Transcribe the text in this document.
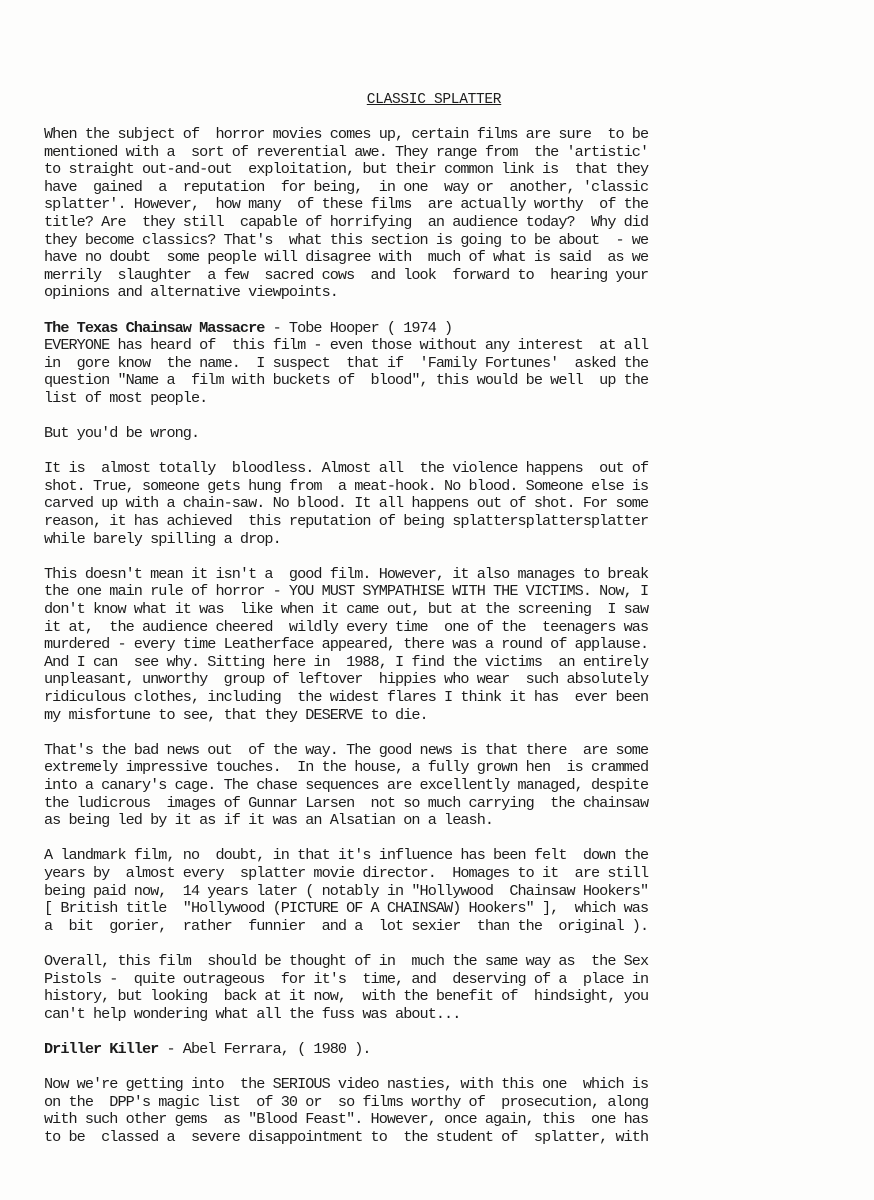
CLASSIC SPLATTER
When the subject of  horror movies comes up, certain films are sure  to be
mentioned with a  sort of reverential awe. They range from  the 'artistic'
to straight out-and-out  exploitation, but their common link is  that they
have  gained  a  reputation  for being,  in one  way or  another, 'classic
splatter'. However,  how many  of these films  are actually worthy  of the
title? Are  they still  capable of horrifying  an audience today?  Why did
they become classics? That's  what this section is going to be about  - we
have no doubt  some people will disagree with  much of what is said  as we
merrily  slaughter  a few  sacred cows  and look  forward to  hearing your
opinions and alternative viewpoints.
The Texas Chainsaw Massacre - Tobe Hooper ( 1974 )
EVERYONE has heard of  this film - even those without any interest  at all
in  gore know  the name.  I suspect  that if  'Family Fortunes'  asked the
question "Name a  film with buckets of  blood", this would be well  up the
list of most people.
But you'd be wrong.
It is  almost totally  bloodless. Almost all  the violence happens  out of
shot. True, someone gets hung from  a meat-hook. No blood. Someone else is
carved up with a chain-saw. No blood. It all happens out of shot. For some
reason, it has achieved  this reputation of being splattersplattersplatter
while barely spilling a drop.
This doesn't mean it isn't a  good film. However, it also manages to break
the one main rule of horror - YOU MUST SYMPATHISE WITH THE VICTIMS. Now, I
don't know what it was  like when it came out, but at the screening  I saw
it at,  the audience cheered  wildly every time  one of the  teenagers was
murdered - every time Leatherface appeared, there was a round of applause.
And I can  see why. Sitting here in  1988, I find the victims  an entirely
unpleasant, unworthy  group of leftover  hippies who wear  such absolutely
ridiculous clothes, including  the widest flares I think it has  ever been
my misfortune to see, that they DESERVE to die.
That's the bad news out  of the way. The good news is that there  are some
extremely impressive touches.  In the house, a fully grown hen  is crammed
into a canary's cage. The chase sequences are excellently managed, despite
the ludicrous  images of Gunnar Larsen  not so much carrying  the chainsaw
as being led by it as if it was an Alsatian on a leash.
A landmark film, no  doubt, in that it's influence has been felt  down the
years by  almost every  splatter movie director.  Homages to it  are still
being paid now,  14 years later ( notably in "Hollywood  Chainsaw Hookers"
[ British title  "Hollywood (PICTURE OF A CHAINSAW) Hookers" ],  which was
a  bit  gorier,  rather  funnier  and a  lot sexier  than the  original ).
Overall, this film  should be thought of in  much the same way as  the Sex
Pistols -  quite outrageous  for it's  time, and  deserving of a  place in
history, but looking  back at it now,  with the benefit of  hindsight, you
can't help wondering what all the fuss was about...
Driller Killer - Abel Ferrara, ( 1980 ).
Now we're getting into  the SERIOUS video nasties, with this one  which is
on the  DPP's magic list  of 30 or  so films worthy of  prosecution, along
with such other gems  as "Blood Feast". However, once again, this  one has
to be  classed a  severe disappointment to  the student of  splatter, with
